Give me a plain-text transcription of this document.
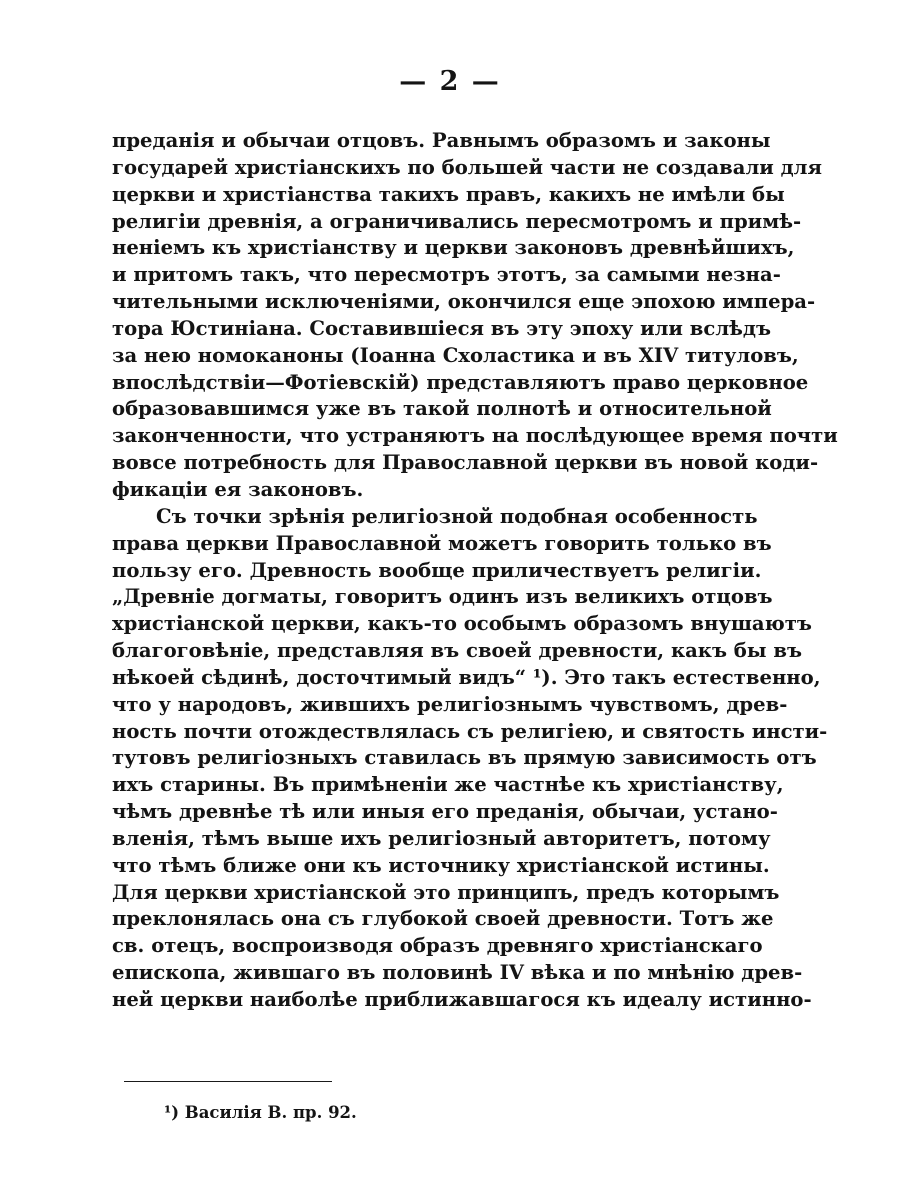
— 2 —
преданія и обычаи отцовъ. Равнымъ образомъ и законы
государей христіанскихъ по большей части не создавали для
церкви и христіанства такихъ правъ, какихъ не имѣли бы
религіи древнія, а ограничивались пересмотромъ и примѣ-
неніемъ къ христіанству и церкви законовъ древнѣйшихъ,
и притомъ такъ, что пересмотръ этотъ, за самыми незна-
чительными исключеніями, окончился еще эпохою импера-
тора Юстиніана. Составившіеся въ эту эпоху или вслѣдъ
за нею номоканоны (Іоанна Схоластика и въ XIV титуловъ,
впослѣдствіи—Фотіевскій) представляютъ право церковное
образовавшимся уже въ такой полнотѣ и относительной
законченности, что устраняютъ на послѣдующее время почти
вовсе потребность для Православной церкви въ новой коди-
фикаціи ея законовъ.
Съ точки зрѣнія религіозной подобная особенность
права церкви Православной можетъ говорить только въ
пользу его. Древность вообще приличествуетъ религіи.
„Древніе догматы, говоритъ одинъ изъ великихъ отцовъ
христіанской церкви, какъ-то особымъ образомъ внушаютъ
благоговѣніе, представляя въ своей древности, какъ бы въ
нѣкоей сѣдинѣ, досточтимый видъ“ ¹). Это такъ естественно,
что у народовъ, жившихъ религіознымъ чувствомъ, древ-
ность почти отождествлялась съ религіею, и святость инсти-
тутовъ религіозныхъ ставилась въ прямую зависимость отъ
ихъ старины. Въ примѣненіи же частнѣе къ христіанству,
чѣмъ древнѣе тѣ или иныя его преданія, обычаи, устано-
вленія, тѣмъ выше ихъ религіозный авторитетъ, потому
что тѣмъ ближе они къ источнику христіанской истины.
Для церкви христіанской это принципъ, предъ которымъ
преклонялась она съ глубокой своей древности. Тотъ же
св. отецъ, воспроизводя образъ древняго христіанскаго
епископа, жившаго въ половинѣ IV вѣка и по мнѣнію древ-
ней церкви наиболѣе приближавшагося къ идеалу истинно-
¹) Василія В. пр. 92.
